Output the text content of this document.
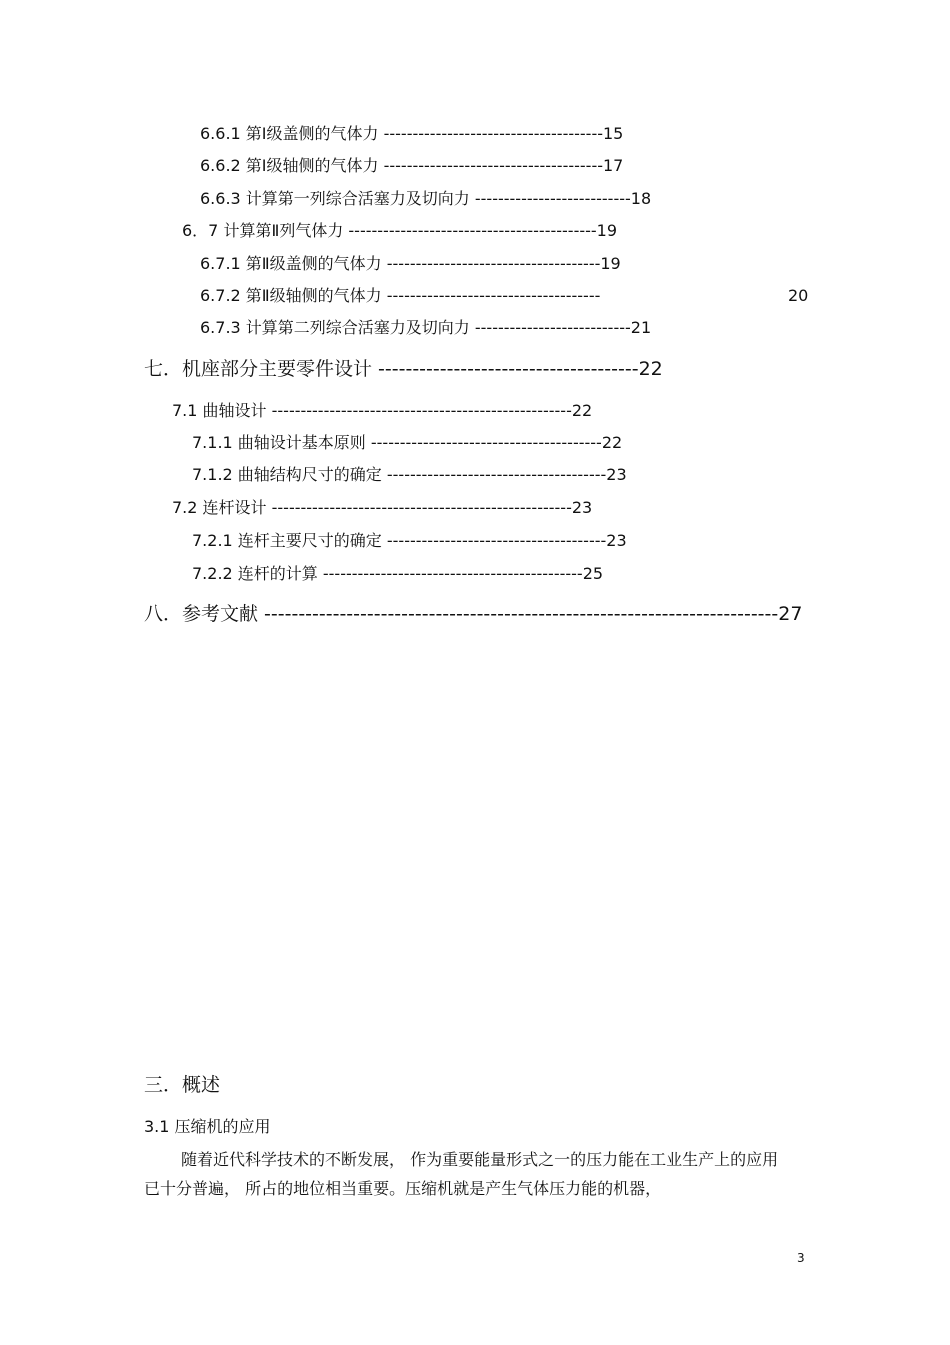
6.6.1 第Ⅰ级盖侧的气体力 --------------------------------------15
6.6.2 第Ⅰ级轴侧的气体力 --------------------------------------17
6.6.3 计算第一列综合活塞力及切向力 ---------------------------18
6．7 计算第Ⅱ列气体力 -------------------------------------------19
6.7.1 第Ⅱ级盖侧的气体力 -------------------------------------19
6.7.2 第Ⅱ级轴侧的气体力 -------------------------------------	20
6.7.3 计算第二列综合活塞力及切向力 ---------------------------21
七．机座部分主要零件设计 --------------------------------------22
7.1 曲轴设计 ----------------------------------------------------22
7.1.1 曲轴设计基本原则 ----------------------------------------22
7.1.2 曲轴结构尺寸的确定 --------------------------------------23
7.2 连杆设计 ----------------------------------------------------23
7.2.1 连杆主要尺寸的确定 --------------------------------------23
7.2.2 连杆的计算 ---------------------------------------------25
八．参考文献 ---------------------------------------------------------------------------27
三．概述
3.1 压缩机的应用
随着近代科学技术的不断发展， 作为重要能量形式之一的压力能在工业生产上的应用已十分普遍， 所占的地位相当重要。压缩机就是产生气体压力能的机器，
3
